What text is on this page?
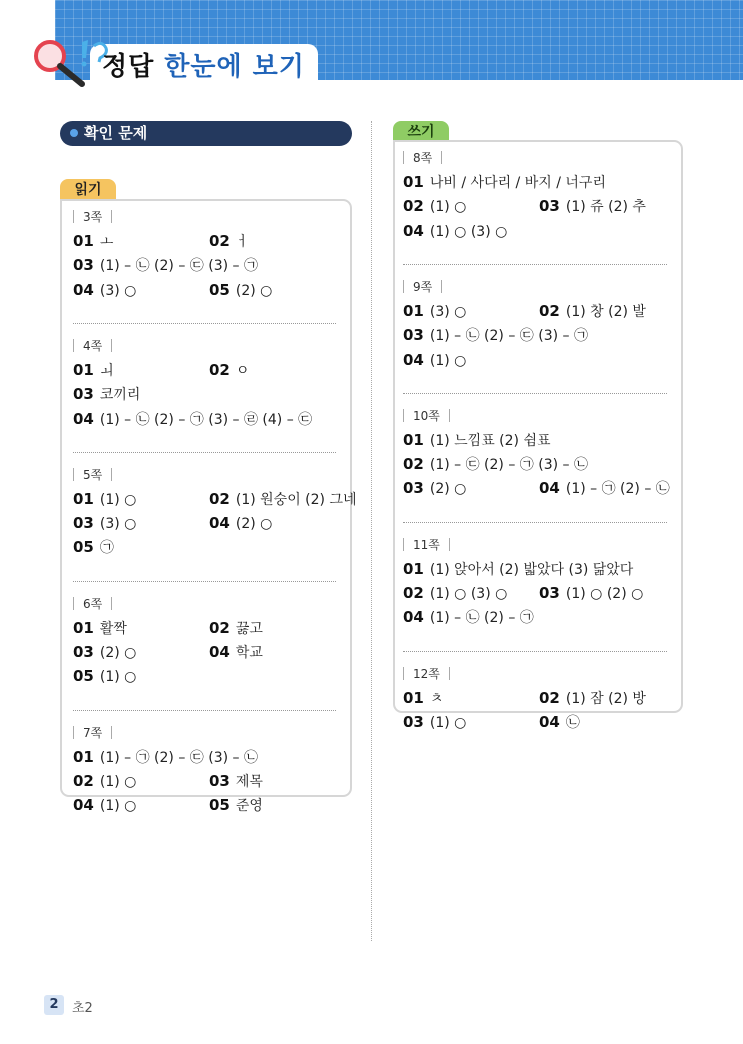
정답 한눈에 보기
확인 문제
읽기
쓰기
3쪽
01 ㅗ	02 ㅓ
03 (1) – ㉡ (2) – ㉢ (3) – ㉠
04 (3) ○	05 (2) ○
4쪽
01 ㅚ	02 ㅇ
03 코끼리
04 (1) – ㉡ (2) – ㉠ (3) – ㉣ (4) – ㉢
5쪽
01 (1) ○	02 (1) 원숭이 (2) 그네
03 (3) ○	04 (2) ○
05 ㉠
6쪽
01 활짝	02 끓고
03 (2) ○	04 학교
05 (1) ○
7쪽
01 (1) – ㉠ (2) – ㉢ (3) – ㉡
02 (1) ○	03 제목
04 (1) ○	05 준영
8쪽
01 나비 / 사다리 / 바지 / 너구리
02 (1) ○	03 (1) 쥬 (2) 추
04 (1) ○ (3) ○
9쪽
01 (3) ○	02 (1) 창 (2) 발
03 (1) – ㉡ (2) – ㉢ (3) – ㉠
04 (1) ○
10쪽
01 (1) 느낌표 (2) 쉼표
02 (1) – ㉢ (2) – ㉠ (3) – ㉡
03 (2) ○	04 (1) – ㉠ (2) – ㉡
11쪽
01 (1) 앉아서 (2) 밟았다 (3) 닮았다
02 (1) ○ (3) ○ 03 (1) ○ (2) ○
04 (1) – ㉡ (2) – ㉠
12쪽
01 ㅊ	02 (1) 잠 (2) 방
03 (1) ○	04 ㉡
2	초2
